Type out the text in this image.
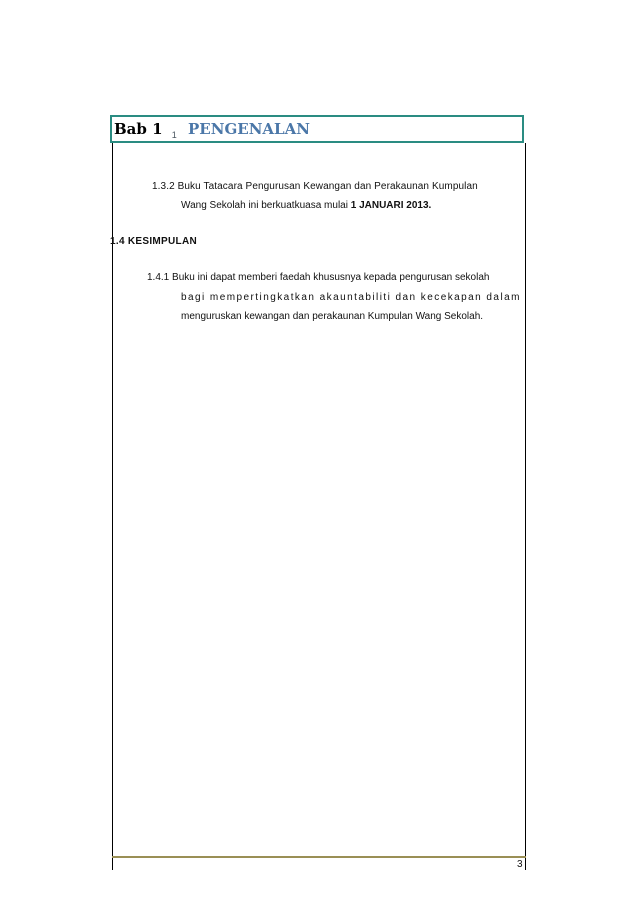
Bab 1 $_1$ PENGENALAN
1.3.2 Buku Tatacara Pengurusan Kewangan dan Perakaunan Kumpulan
Wang Sekolah ini berkuatkuasa mulai 1 JANUARI 2013.
1.4 KESIMPULAN
1.4.1 Buku ini dapat memberi faedah khususnya kepada pengurusan sekolah
bagi mempertingkatkan akauntabiliti dan kecekapan dalam
menguruskan kewangan dan perakaunan Kumpulan Wang Sekolah.
3
